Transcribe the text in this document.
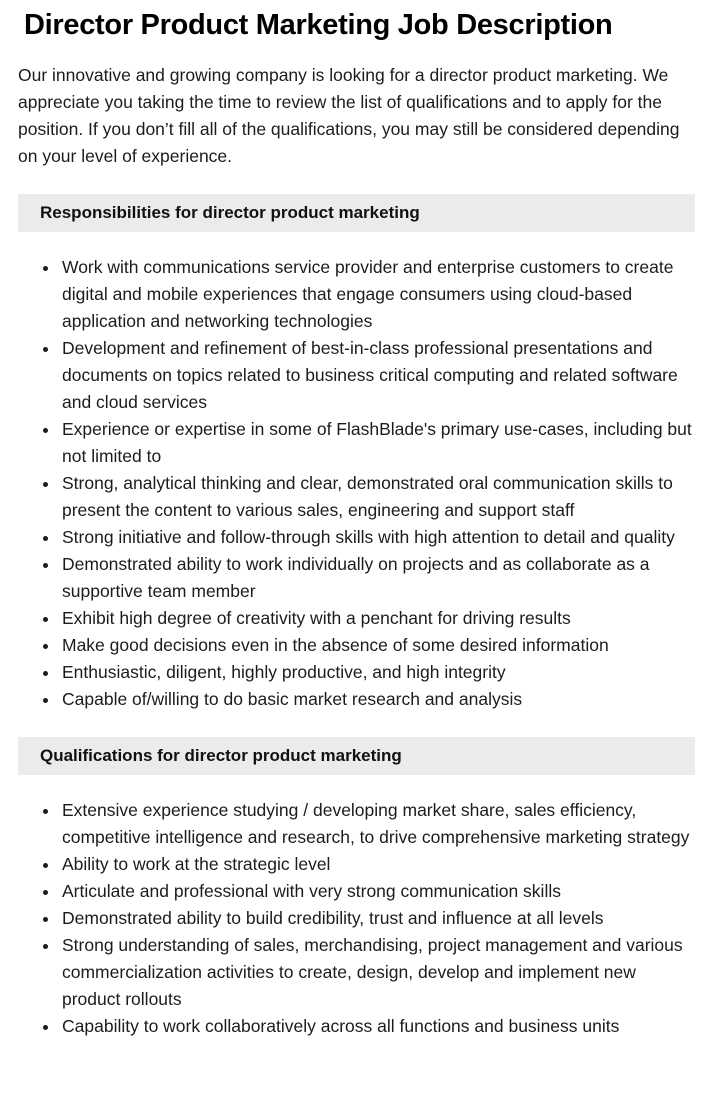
Director Product Marketing Job Description

Our innovative and growing company is looking for a director product marketing. We appreciate you taking the time to review the list of qualifications and to apply for the position. If you don’t fill all of the qualifications, you may still be considered depending on your level of experience.

Responsibilities for director product marketing
• Work with communications service provider and enterprise customers to create digital and mobile experiences that engage consumers using cloud-based application and networking technologies
• Development and refinement of best-in-class professional presentations and documents on topics related to business critical computing and related software and cloud services
• Experience or expertise in some of FlashBlade's primary use-cases, including but not limited to
• Strong, analytical thinking and clear, demonstrated oral communication skills to present the content to various sales, engineering and support staff
• Strong initiative and follow-through skills with high attention to detail and quality
• Demonstrated ability to work individually on projects and as collaborate as a supportive team member
• Exhibit high degree of creativity with a penchant for driving results
• Make good decisions even in the absence of some desired information
• Enthusiastic, diligent, highly productive, and high integrity
• Capable of/willing to do basic market research and analysis
Qualifications for director product marketing
• Extensive experience studying / developing market share, sales efficiency, competitive intelligence and research, to drive comprehensive marketing strategy
• Ability to work at the strategic level
• Articulate and professional with very strong communication skills
• Demonstrated ability to build credibility, trust and influence at all levels
• Strong understanding of sales, merchandising, project management and various commercialization activities to create, design, develop and implement new product rollouts
• Capability to work collaboratively across all functions and business units
